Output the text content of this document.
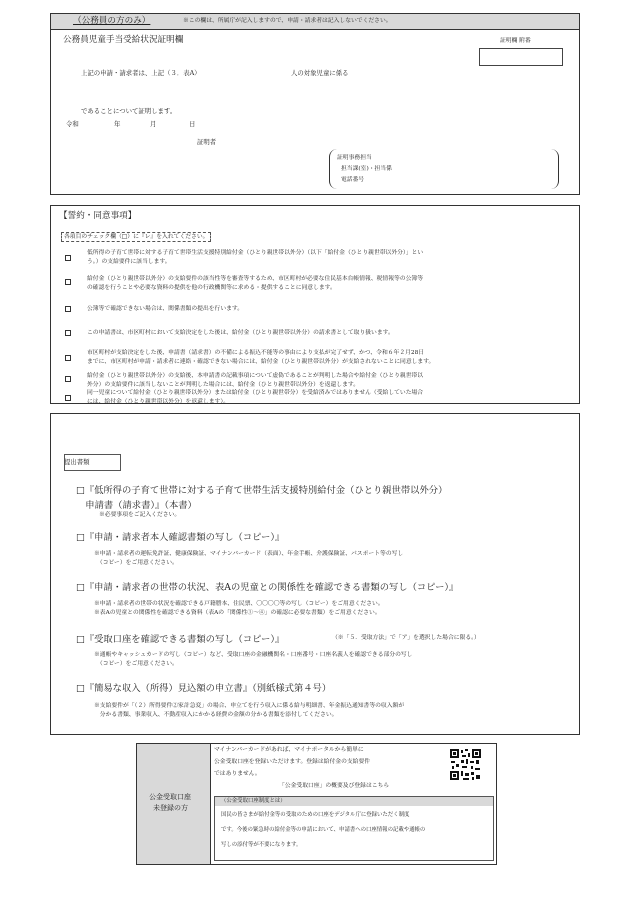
（公務員の方のみ）	※この欄は、所属庁が記入しますので、申請・請求者は記入しないでください。
公務員児童手当受給状況証明欄	証明欄 附番
上記の申請・請求者は、上記（３．表A）	人の対象児童に係る
であることについて証明します。
令和	年	月	日
証明者
証明事務担当
担当課(室)・担当係
電話番号
【誓約・同意事項】
各項目のチェック欄（□）に『レ』を入れてください。
低所得の子育て世帯に対する子育て世帯生活支援特別給付金（ひとり親世帯以外分）（以下「給付金（ひとり親世帯以外分）」とい
う。）の支給要件に該当します。
給付金（ひとり親世帯以外分）の支給要件の該当性等を審査等するため、市区町村が必要な住民基本台帳情報、税情報等の公簿等
の確認を行うことや必要な資料の提供を他の行政機関等に求める・提供することに同意します。
公簿等で確認できない場合は、関係書類の提出を行います。
この申請書は、市区町村において支給決定をした後は、給付金（ひとり親世帯以外分）の請求書として取り扱います。
市区町村が支給決定をした後、申請書（請求書）の不備による振込不能等の事由により支払が完了せず、かつ、令和６年２月28日
までに、市区町村が申請・請求者に連絡・確認できない場合には、給付金（ひとり親世帯以外分）が支給されないことに同意します。
給付金（ひとり親世帯以外分）の支給後、本申請書の記載事項について虚偽であることが判明した場合や給付金（ひとり親世帯以
外分）の支給要件に該当しないことが判明した場合には、給付金（ひとり親世帯以外分）を返還します。
同一児童について給付金（ひとり親世帯以外分）または給付金（ひとり親世帯分）を受給済みではありません（受給していた場合
には、給付金（ひとり親世帯以外分）を返還します）。
提出書類
□『低所得の子育て世帯に対する子育て世帯生活支援特別給付金（ひとり親世帯以外分）
　申請書（請求書）』（本書）
※必要事項をご記入ください。
□『申請・請求者本人確認書類の写し（コピー）』
※申請・請求者の運転免許証、健康保険証、マイナンバーカード（表面）、年金手帳、介護保険証、パスポート等の写し
　（コピー）をご用意ください。
□『申請・請求者の世帯の状況、表Aの児童との関係性を確認できる書類の写し（コピー）』
※申請・請求者の世帯の状況を確認できる戸籍謄本、住民票、〇〇〇〇等の写し（コピー）をご用意ください。
※表Aの児童との関係性を確認できる資料（表Aの「関係性①～④」の確認に必要な書類）をご用意ください。
□『受取口座を確認できる書類の写し（コピー）』	（※「５．受取方法」で「ア」を選択した場合に限る。）
※通帳やキャッシュカードの写し（コピー）など、受取口座の金融機関名・口座番号・口座名義人を確認できる部分の写し
　（コピー）をご用意ください。
□『簡易な収入（所得）見込額の申立書』（別紙様式第４号）
※支給要件が「（２）所得要件②家計急変」の場合、申立てを行う収入に係る給与明細書、年金振込通知書等の収入額が
　分かる書類、事業収入、不動産収入にかかる経費の金額の分かる書類を添付してください。
公金受取口座
未登録の方
マイナンバーカードがあれば、マイナポータルから簡単に
公金受取口座を登録いただけます。登録は給付金の支給要件
ではありません。
「公金受取口座」の概要及び登録はこちら
（公金受取口座制度とは）
国民の皆さまが給付金等の受取のための口座をデジタル庁に登録いただく制度
です。今後の緊急時の給付金等の申請において、申請書への口座情報の記載や通帳の
写しの添付等が不要になります。
